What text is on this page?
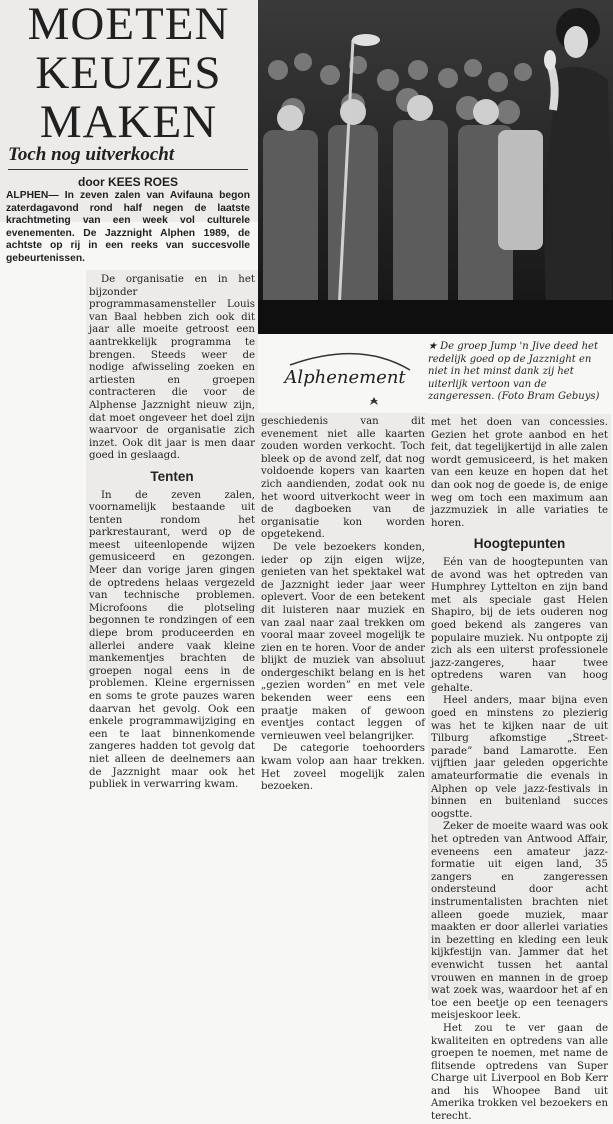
MOETEN
KEUZES
MAKEN
Toch nog uitverkocht
door KEES ROES
ALPHEN— In zeven zalen van Avifauna begon zaterdagavond rond half negen de laatste krachtmeting van een week vol culturele evenementen. De Jazznight Alphen 1989, de achtste op rij in een reeks van succesvolle gebeurtenissen.

De organisatie en in het bijzonder programmasamensteller Louis van Baal hebben zich ook dit jaar alle moeite getroost een aantrekkelijk programma te brengen. Steeds weer de nodige afwisseling zoeken en artiesten en groepen contracteren die voor de Alphense Jazznight nieuw zijn, dat moet ongeveer het doel zijn waarvoor de organisatie zich inzet. Ook dit jaar is men daar goed in geslaagd.

Tenten

In de zeven zalen, voornamelijk bestaande uit tenten rondom het parkrestaurant, werd op de meest uiteenlopende wijzen gemusiceerd en gezongen. Meer dan vorige jaren gingen de optredens helaas vergezeld van technische problemen. Microfoons die plotseling begonnen te rondzingen of een diepe brom produceerden en allerlei andere vaak kleine mankementjes brachten de groepen nogal eens in de problemen. Kleine ergernissen en soms te grote pauzes waren daarvan het gevolg. Ook een enkele programmawijziging en een te laat binnenkomende zangeres hadden tot gevolg dat niet alleen de deelnemers aan de Jazznight maar ook het publiek in verwarring kwam.

Alphenement

geschiedenis van dit evenement niet alle kaarten zouden worden verkocht. Toch bleek op de avond zelf, dat nog voldoende kopers van kaarten zich aandienden, zodat ook nu het woord uitverkocht weer in de dagboeken van de organisatie kon worden opgetekend.

De vele bezoekers konden, ieder op zijn eigen wijze, genieten van het spektakel wat de Jazznight ieder jaar weer oplevert. Voor de een betekent dit luisteren naar muziek en van zaal naar zaal trekken om vooral maar zoveel mogelijk te zien en te horen. Voor de ander blijkt de muziek van absoluut ondergeschikt belang en is het „gezien worden” en met vele bekenden weer eens een praatje maken of gewoon eventjes contact leggen of vernieuwen veel belangrijker.

De categorie toehoorders kwam volop aan haar trekken. Het zoveel mogelijk zalen bezoeken.

★ De groep Jump 'n Jive deed het redelijk goed op de Jazznight en niet in het minst dank zij het uiterlijk vertoon van de zangeressen. (Foto Bram Gebuys)

met het doen van concessies. Gezien het grote aanbod en het feit, dat tegelijkertijd in alle zalen wordt gemusiceerd, is het maken van een keuze en hopen dat het dan ook nog de goede is, de enige weg om toch een maximum aan jazzmuziek in alle variaties te horen.

Hoogtepunten

Eén van de hoogtepunten van de avond was het optreden van Humphrey Lyttelton en zijn band met als speciale gast Helen Shapiro, bij de iets ouderen nog goed bekend als zangeres van populaire muziek. Nu ontpopte zij zich als een uiterst professionele jazz-zangeres, haar twee optredens waren van hoog gehalte.

Heel anders, maar bijna even goed en minstens zo plezierig was het te kijken naar de uit Tilburg afkomstige „Street-parade” band Lamarotte. Een vijftien jaar geleden opgerichte amateurformatie die evenals in Alphen op vele jazz-festivals in binnen en buitenland succes oogstte.

Zeker de moeite waard was ook het optreden van Antwood Affair, eveneens een amateur jazz-formatie uit eigen land, 35 zangers en zangeressen ondersteund door acht instrumentalisten brachten niet alleen goede muziek, maar maakten er door allerlei variaties in bezetting en kleding een leuk kijkfestijn van. Jammer dat het evenwicht tussen het aantal vrouwen en mannen in de groep wat zoek was, waardoor het af en toe een beetje op een teenagers meisjeskoor leek.

Het zou te ver gaan de kwaliteiten en optredens van alle groepen te noemen, met name de flitsende optredens van Super Charge uit Liverpool en Bob Kerr and his Whoopee Band uit Amerika trokken vel bezoekers en terecht.
